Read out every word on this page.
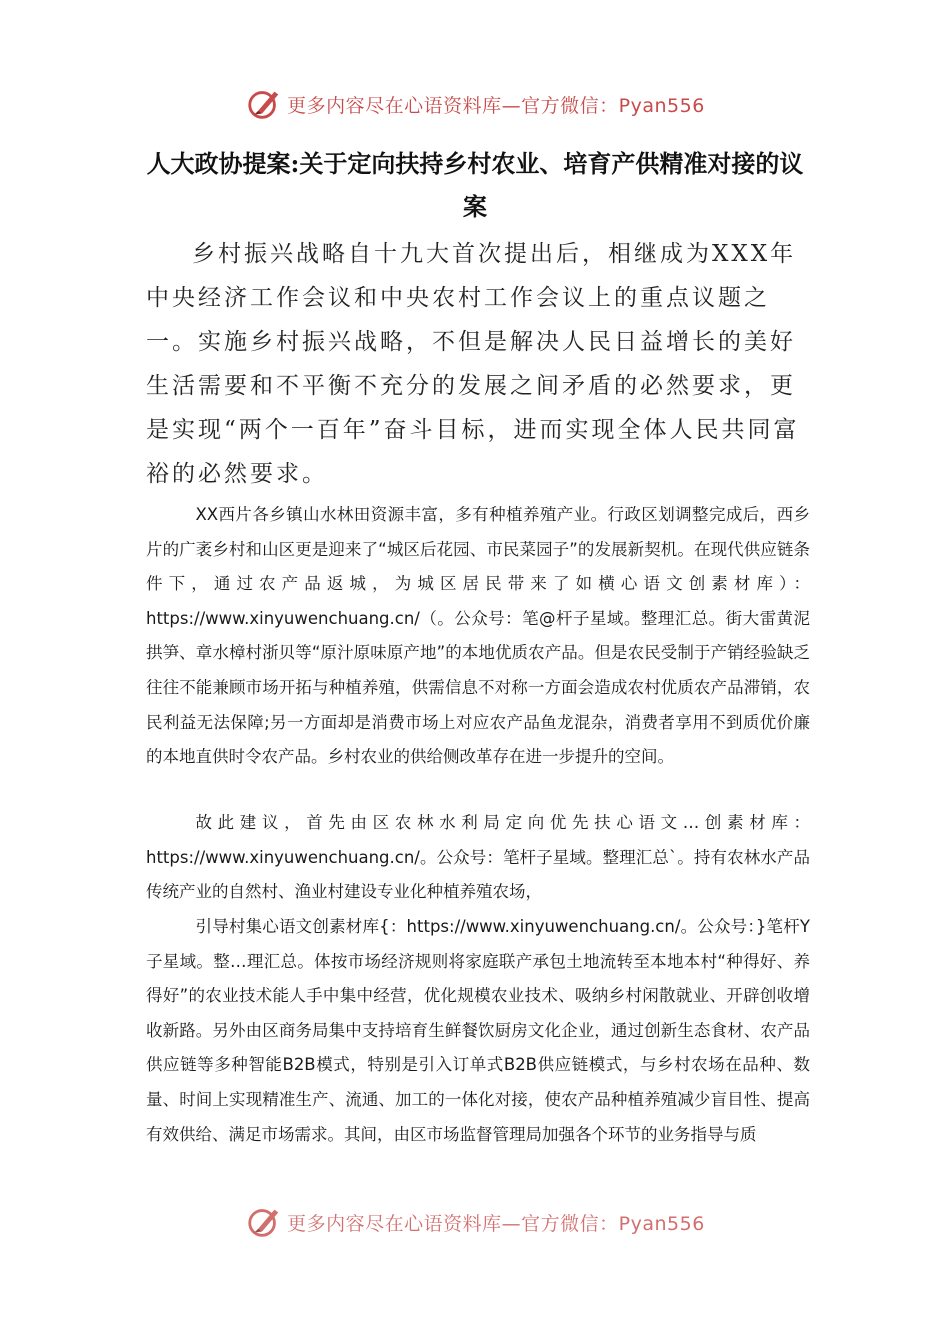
更多内容尽在心语资料库—官方微信：Pyan556
人大政协提案:关于定向扶持乡村农业、培育产供精准对接的议案

乡村振兴战略自十九大首次提出后，相继成为XXX年中央经济工作会议和中央农村工作会议上的重点议题之一。实施乡村振兴战略，不但是解决人民日益增长的美好生活需要和不平衡不充分的发展之间矛盾的必然要求，更是实现“两个一百年”奋斗目标，进而实现全体人民共同富裕的必然要求。

XX西片各乡镇山水林田资源丰富，多有种植养殖产业。行政区划调整完成后，西乡片的广袤乡村和山区更是迎来了“城区后花园、市民菜园子”的发展新契机。在现代供应链条件下，通过农产品返城，为城区居民带来了如横心语文创素材库）：https://www.xinyuwenchuang.cn/（。公众号：笔@杆子星域。整理汇总。街大雷黄泥拱笋、章水樟村浙贝等“原汁原味原产地”的本地优质农产品。但是农民受制于产销经验缺乏往往不能兼顾市场开拓与种植养殖，供需信息不对称一方面会造成农村优质农产品滞销，农民利益无法保障;另一方面却是消费市场上对应农产品鱼龙混杂，消费者享用不到质优价廉的本地直供时令农产品。乡村农业的供给侧改革存在进一步提升的空间。

故此建议，首先由区农林水利局定向优先扶心语文…创素材库：https://www.xinyuwenchuang.cn/。公众号：笔杆子星域。整理汇总`。持有农林水产品传统产业的自然村、渔业村建设专业化种植养殖农场，

引导村集心语文创素材库{：https://www.xinyuwenchuang.cn/。公众号：}笔杆Y子星域。整…理汇总。体按市场经济规则将家庭联产承包土地流转至本地本村“种得好、养得好”的农业技术能人手中集中经营，优化规模农业技术、吸纳乡村闲散就业、开辟创收增收新路。另外由区商务局集中支持培育生鲜餐饮厨房文化企业，通过创新生态食材、农产品供应链等多种智能B2B模式，特别是引入订单式B2B供应链模式，与乡村农场在品种、数量、时间上实现精准生产、流通、加工的一体化对接，使农产品种植养殖减少盲目性、提高有效供给、满足市场需求。其间，由区市场监督管理局加强各个环节的业务指导与质

更多内容尽在心语资料库—官方微信：Pyan556
